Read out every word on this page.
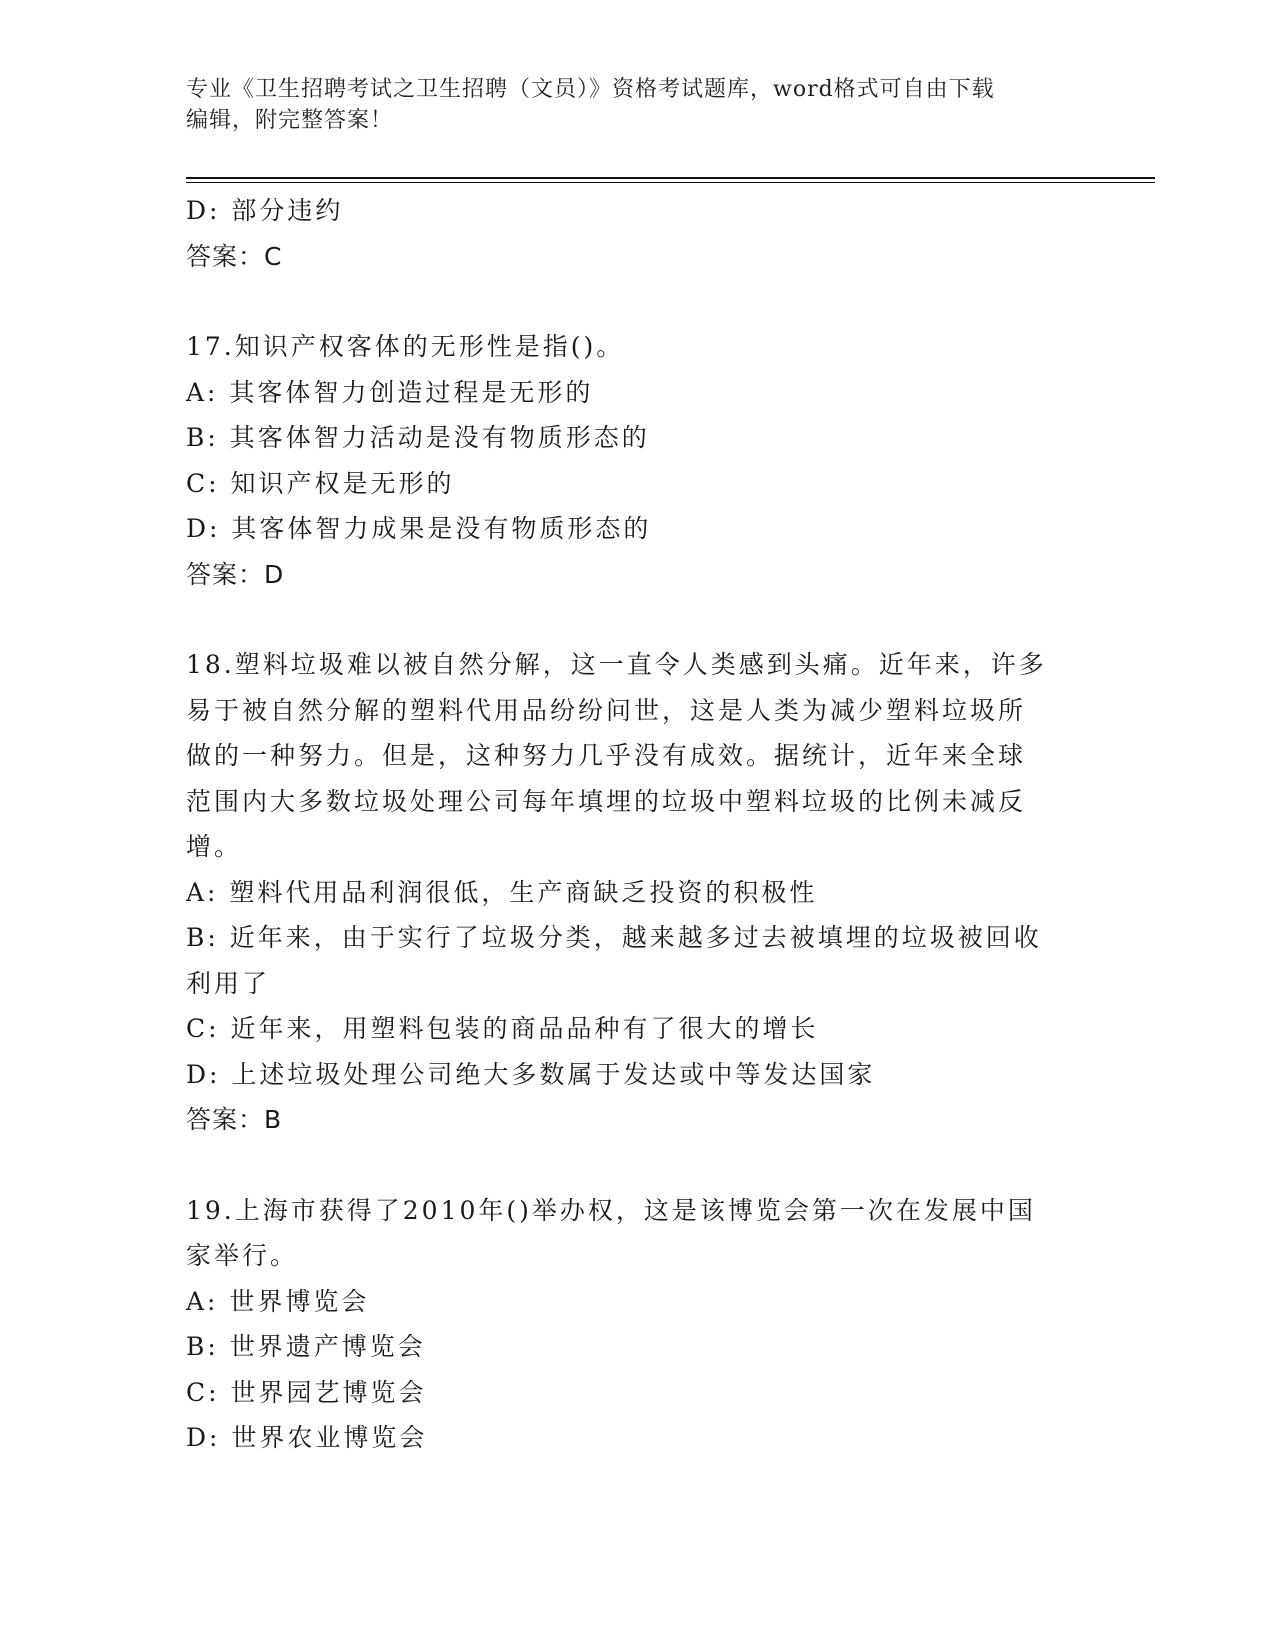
专业《卫生招聘考试之卫生招聘（文员）》资格考试题库，word格式可自由下载
编辑，附完整答案！

D: 部分违约

答案：C

17.知识产权客体的无形性是指()。

A: 其客体智力创造过程是无形的

B: 其客体智力活动是没有物质形态的

C: 知识产权是无形的

D: 其客体智力成果是没有物质形态的

答案：D

18.塑料垃圾难以被自然分解，这一直令人类感到头痛。近年来，许多

易于被自然分解的塑料代用品纷纷问世，这是人类为减少塑料垃圾所

做的一种努力。但是，这种努力几乎没有成效。据统计，近年来全球

范围内大多数垃圾处理公司每年填埋的垃圾中塑料垃圾的比例未减反

增。

A: 塑料代用品利润很低，生产商缺乏投资的积极性

B: 近年来，由于实行了垃圾分类，越来越多过去被填埋的垃圾被回收

利用了

C: 近年来，用塑料包装的商品品种有了很大的增长

D: 上述垃圾处理公司绝大多数属于发达或中等发达国家

答案：B

19.上海市获得了2010年()举办权，这是该博览会第一次在发展中国

家举行。

A: 世界博览会

B: 世界遗产博览会

C: 世界园艺博览会

D: 世界农业博览会
